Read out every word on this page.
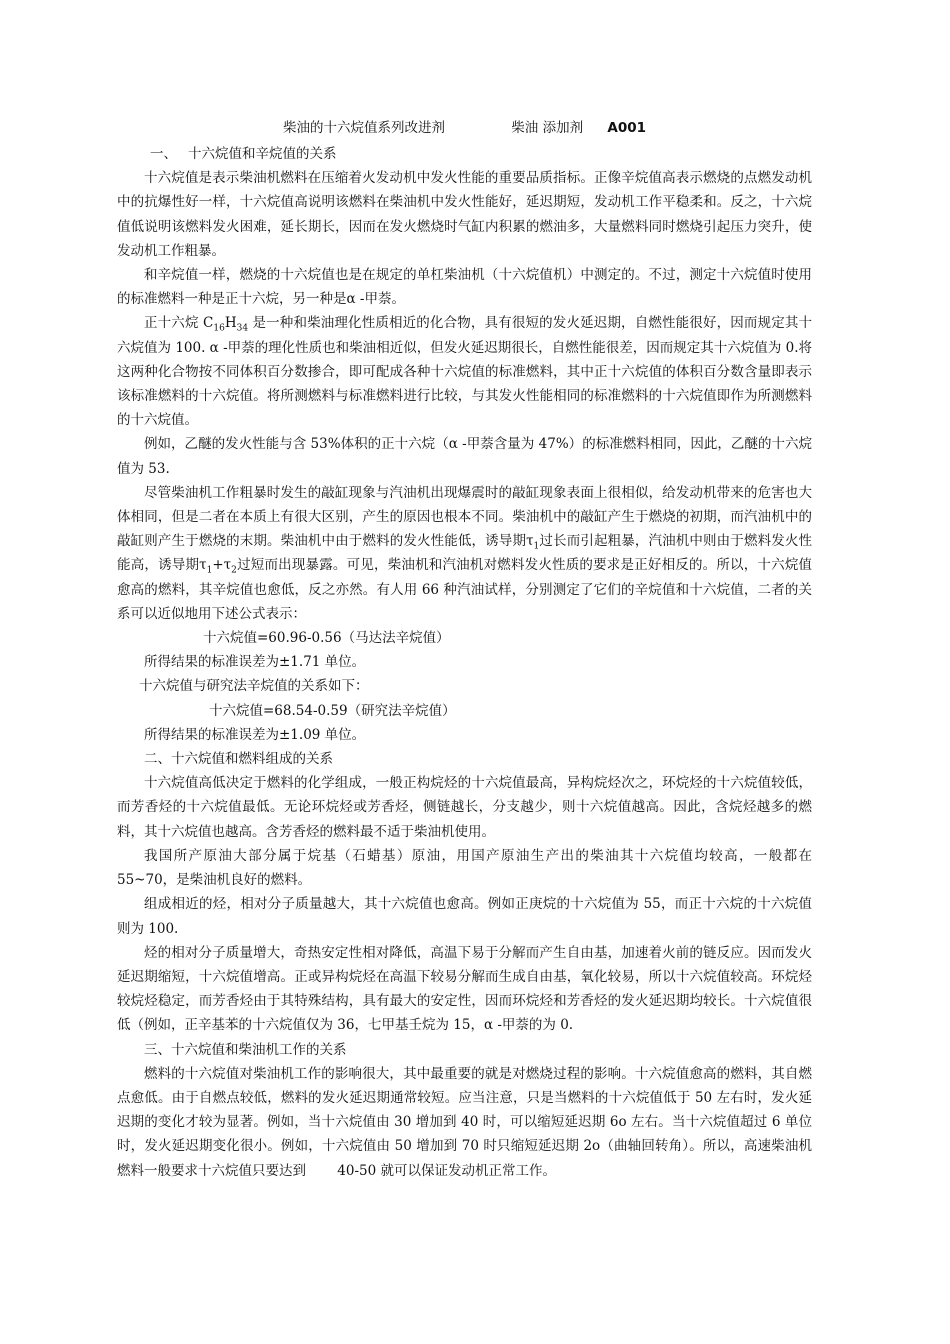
柴油的十六烷值系列改进剂	柴油 添加剂 A001

一、　 十六烷值和辛烷值的关系

十六烷值是表示柴油机燃料在压缩着火发动机中发火性能的重要品质指标。正像辛烷值高表示燃烧的点燃发动机中的抗爆性好一样，十六烷值高说明该燃料在柴油机中发火性能好，延迟期短，发动机工作平稳柔和。反之，十六烷值低说明该燃料发火困难，延长期长，因而在发火燃烧时气缸内积累的燃油多，大量燃料同时燃烧引起压力突升，使发动机工作粗暴。

和辛烷值一样，燃烧的十六烷值也是在规定的单杠柴油机（十六烷值机）中测定的。不过，测定十六烷值时使用的标准燃料一种是正十六烷，另一种是α -甲萘。

正十六烷 $C_{16}H_{34}$ 是一种和柴油理化性质相近的化合物，具有很短的发火延迟期，自燃性能很好，因而规定其十六烷值为 100. α -甲萘的理化性质也和柴油相近似，但发火延迟期很长，自燃性能很差，因而规定其十六烷值为 0.将这两种化合物按不同体积百分数掺合，即可配成各种十六烷值的标准燃料，其中正十六烷值的体积百分数含量即表示该标准燃料的十六烷值。将所测燃料与标准燃料进行比较，与其发火性能相同的标准燃料的十六烷值即作为所测燃料的十六烷值。

例如，乙醚的发火性能与含 53%体积的正十六烷（α -甲萘含量为 47%）的标准燃料相同，因此，乙醚的十六烷值为 53.

尽管柴油机工作粗暴时发生的敲缸现象与汽油机出现爆震时的敲缸现象表面上很相似，给发动机带来的危害也大体相同，但是二者在本质上有很大区别，产生的原因也根本不同。柴油机中的敲缸产生于燃烧的初期，而汽油机中的敲缸则产生于燃烧的末期。柴油机中由于燃料的发火性能低，诱导期$\tau_1$过长而引起粗暴，汽油机中则由于燃料发火性能高，诱导期$\tau_1+\tau_2$过短而出现暴露。可见，柴油机和汽油机对燃料发火性质的要求是正好相反的。所以，十六烷值愈高的燃料，其辛烷值也愈低，反之亦然。有人用 66 种汽油试样，分别测定了它们的辛烷值和十六烷值，二者的关系可以近似地用下述公式表示：

十六烷值=60.96-0.56（马达法辛烷值）

所得结果的标准误差为±1.71 单位。

十六烷值与研究法辛烷值的关系如下：

十六烷值=68.54-0.59（研究法辛烷值）

所得结果的标准误差为±1.09 单位。

二、十六烷值和燃料组成的关系

十六烷值高低决定于燃料的化学组成，一般正构烷烃的十六烷值最高，异构烷烃次之，环烷烃的十六烷值较低，而芳香烃的十六烷值最低。无论环烷烃或芳香烃，侧链越长，分支越少，则十六烷值越高。因此，含烷烃越多的燃料，其十六烷值也越高。含芳香烃的燃料最不适于柴油机使用。

我国所产原油大部分属于烷基（石蜡基）原油，用国产原油生产出的柴油其十六烷值均较高，一般都在 55~70，是柴油机良好的燃料。

组成相近的烃，相对分子质量越大，其十六烷值也愈高。例如正庚烷的十六烷值为 55，而正十六烷的十六烷值则为 100.

烃的相对分子质量增大，奇热安定性相对降低，高温下易于分解而产生自由基，加速着火前的链反应。因而发火延迟期缩短，十六烷值增高。正或异构烷烃在高温下较易分解而生成自由基，氧化较易，所以十六烷值较高。环烷烃较烷烃稳定，而芳香烃由于其特殊结构，具有最大的安定性，因而环烷烃和芳香烃的发火延迟期均较长。十六烷值很低（例如，正辛基苯的十六烷值仅为 36，七甲基壬烷为 15，α -甲萘的为 0.

三、十六烷值和柴油机工作的关系

燃料的十六烷值对柴油机工作的影响很大，其中最重要的就是对燃烧过程的影响。十六烷值愈高的燃料，其自燃点愈低。由于自燃点较低，燃料的发火延迟期通常较短。应当注意，只是当燃料的十六烷值低于 50 左右时，发火延迟期的变化才较为显著。例如，当十六烷值由 30 增加到 40 时，可以缩短延迟期 6o 左右。当十六烷值超过 6 单位时，发火延迟期变化很小。例如，十六烷值由 50 增加到 70 时只缩短延迟期 2o（曲轴回转角）。所以，高速柴油机燃料一般要求十六烷值只要达到　　 40-50 就可以保证发动机正常工作。
